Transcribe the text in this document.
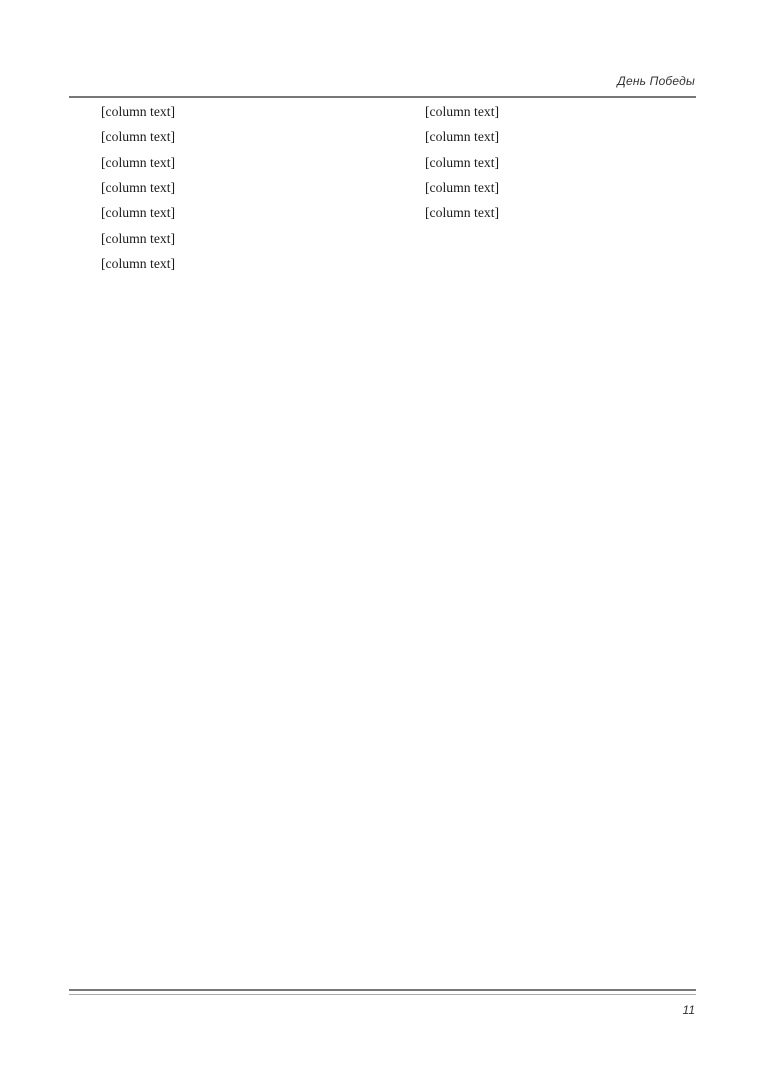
День Победы

[column text]

[column text]

[column text]

[column text]

[column text]

[column text]

[column text]

[column text]

[column text]

[column text]

[column text]

[column text]

11
